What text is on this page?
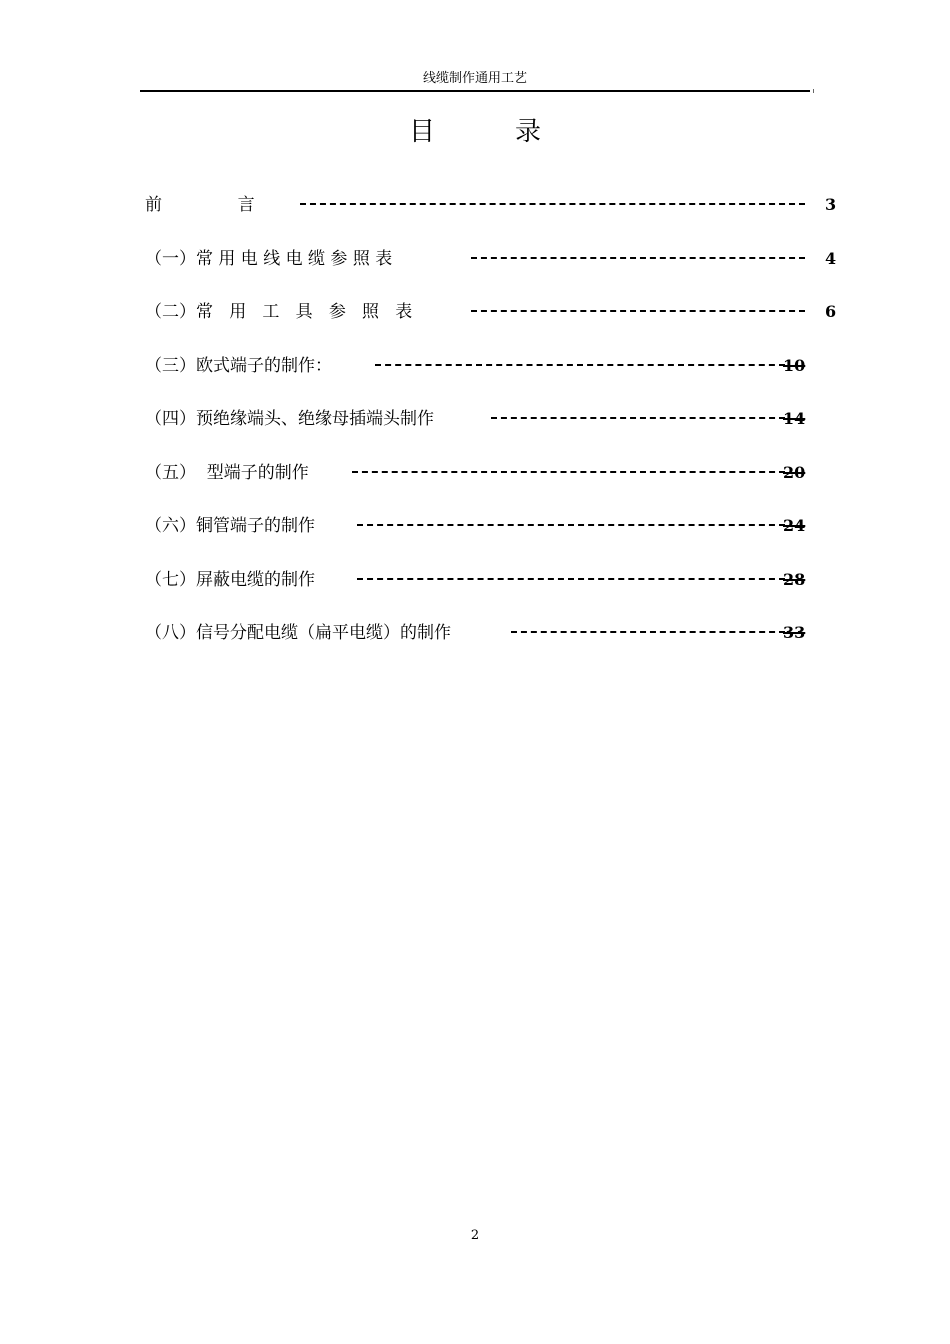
线缆制作通用工艺
目	录
前              言	3
（一）常 用 电 线 电 缆 参 照 表	4
（二）常   用   工   具   参   照   表	6
（三）欧式端子的制作：	10
（四）预绝缘端头、绝缘母插端头制作	14
（五）  型端子的制作	20
（六）铜管端子的制作	24
（七）屏蔽电缆的制作	28
（八）信号分配电缆（扁平电缆）的制作	33
2
